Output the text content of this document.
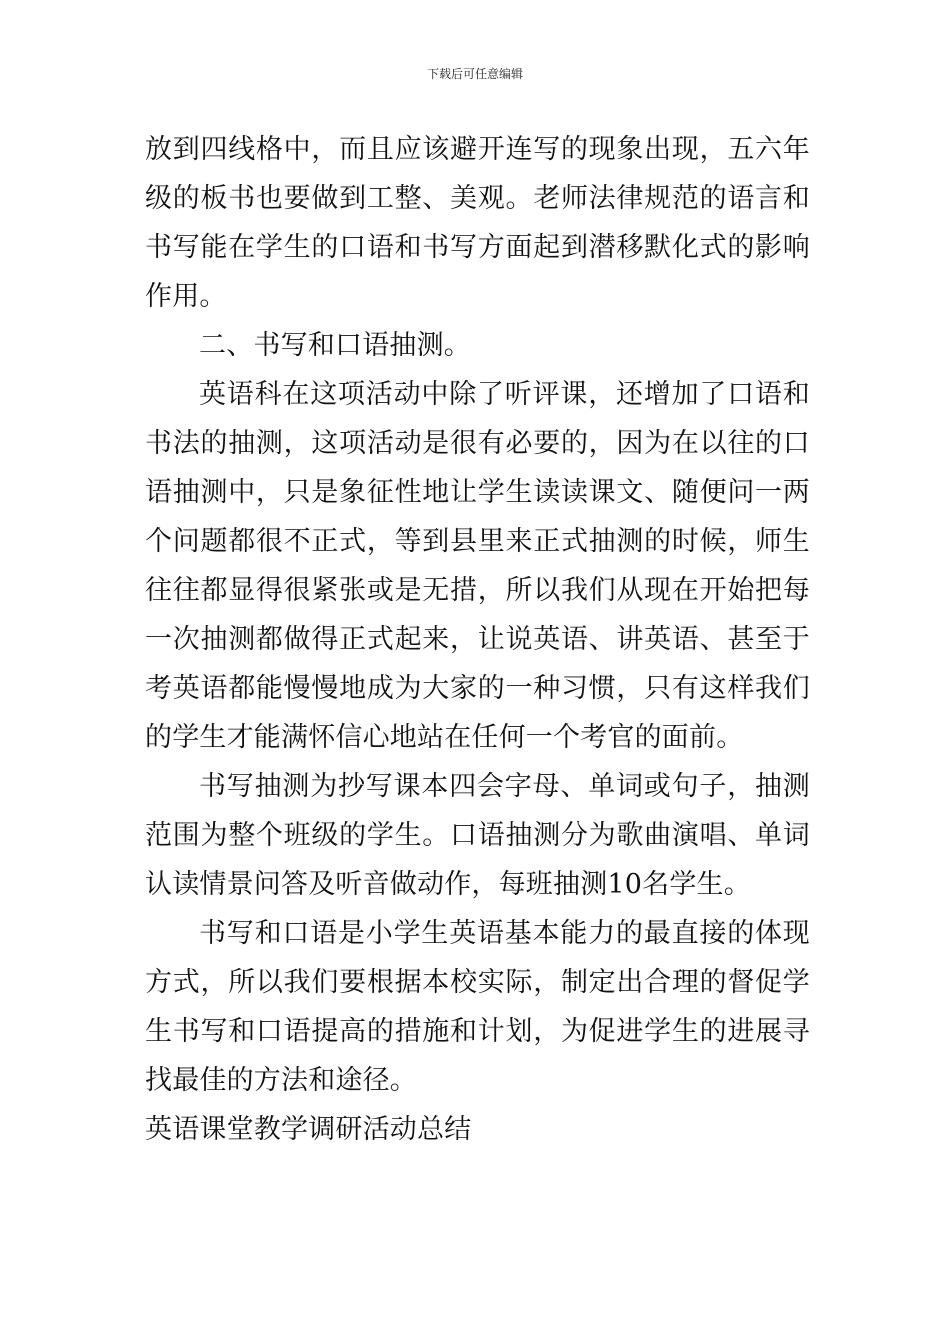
下载后可任意编辑

放到四线格中，而且应该避开连写的现象出现，五六年级的板书也要做到工整、美观。老师法律规范的语言和书写能在学生的口语和书写方面起到潜移默化式的影响作用。

二、书写和口语抽测。

英语科在这项活动中除了听评课，还增加了口语和书法的抽测，这项活动是很有必要的，因为在以往的口语抽测中，只是象征性地让学生读读课文、随便问一两个问题都很不正式，等到县里来正式抽测的时候，师生往往都显得很紧张或是无措，所以我们从现在开始把每一次抽测都做得正式起来，让说英语、讲英语、甚至于考英语都能慢慢地成为大家的一种习惯，只有这样我们的学生才能满怀信心地站在任何一个考官的面前。

书写抽测为抄写课本四会字母、单词或句子，抽测范围为整个班级的学生。口语抽测分为歌曲演唱、单词认读情景问答及听音做动作，每班抽测10名学生。

书写和口语是小学生英语基本能力的最直接的体现方式，所以我们要根据本校实际，制定出合理的督促学生书写和口语提高的措施和计划，为促进学生的进展寻找最佳的方法和途径。

英语课堂教学调研活动总结
